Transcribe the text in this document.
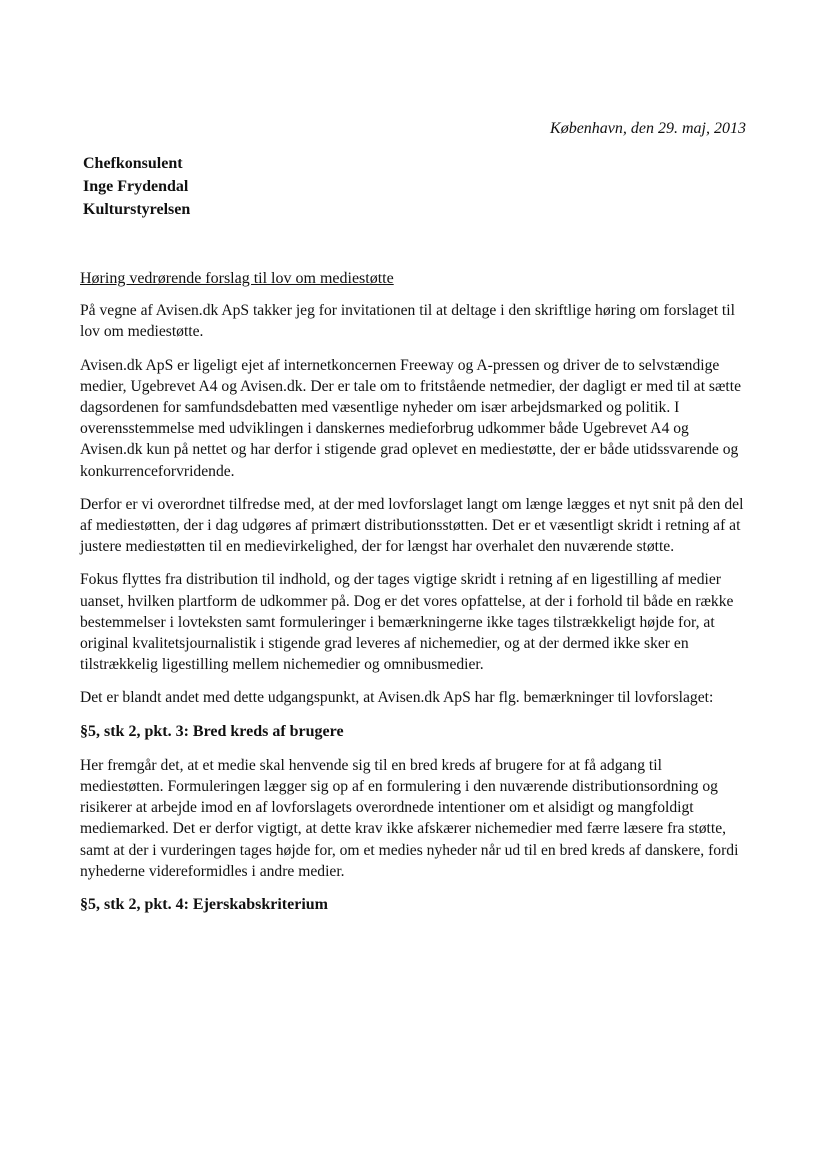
København, den 29. maj, 2013
Chefkonsulent
Inge Frydendal
Kulturstyrelsen
Høring vedrørende forslag til lov om mediestøtte

På vegne af Avisen.dk ApS takker jeg for invitationen til at deltage i den skriftlige høring om forslaget til lov om mediestøtte.

Avisen.dk ApS er ligeligt ejet af internetkoncernen Freeway og A-pressen og driver de to selvstændige medier, Ugebrevet A4 og Avisen.dk. Der er tale om to fritstående netmedier, der dagligt er med til at sætte dagsordenen for samfundsdebatten med væsentlige nyheder om især arbejdsmarked og politik. I overensstemmelse med udviklingen i danskernes medieforbrug udkommer både Ugebrevet A4 og Avisen.dk kun på nettet og har derfor i stigende grad oplevet en mediestøtte, der er både utidssvarende og konkurrenceforvridende.

Derfor er vi overordnet tilfredse med, at der med lovforslaget langt om længe lægges et nyt snit på den del af mediestøtten, der i dag udgøres af primært distributionsstøtten. Det er et væsentligt skridt i retning af at justere mediestøtten til en medievirkelighed, der for længst har overhalet den nuværende støtte.

Fokus flyttes fra distribution til indhold, og der tages vigtige skridt i retning af en ligestilling af medier uanset, hvilken plartform de udkommer på. Dog er det vores opfattelse, at der i forhold til både en række bestemmelser i lovteksten samt formuleringer i bemærkningerne ikke tages tilstrækkeligt højde for, at original kvalitetsjournalistik i stigende grad leveres af nichemedier, og at der dermed ikke sker en tilstrækkelig ligestilling mellem nichemedier og omnibusmedier.

Det er blandt andet med dette udgangspunkt, at Avisen.dk ApS har flg. bemærkninger til lovforslaget:

§5, stk 2, pkt. 3: Bred kreds af brugere

Her fremgår det, at et medie skal henvende sig til en bred kreds af brugere for at få adgang til mediestøtten. Formuleringen lægger sig op af en formulering i den nuværende distributionsordning og risikerer at arbejde imod en af lovforslagets overordnede intentioner om et alsidigt og mangfoldigt mediemarked. Det er derfor vigtigt, at dette krav ikke afskærer nichemedier med færre læsere fra støtte, samt at der i vurderingen tages højde for, om et medies nyheder når ud til en bred kreds af danskere, fordi nyhederne videreformidles i andre medier.

§5, stk 2, pkt. 4: Ejerskabskriterium
